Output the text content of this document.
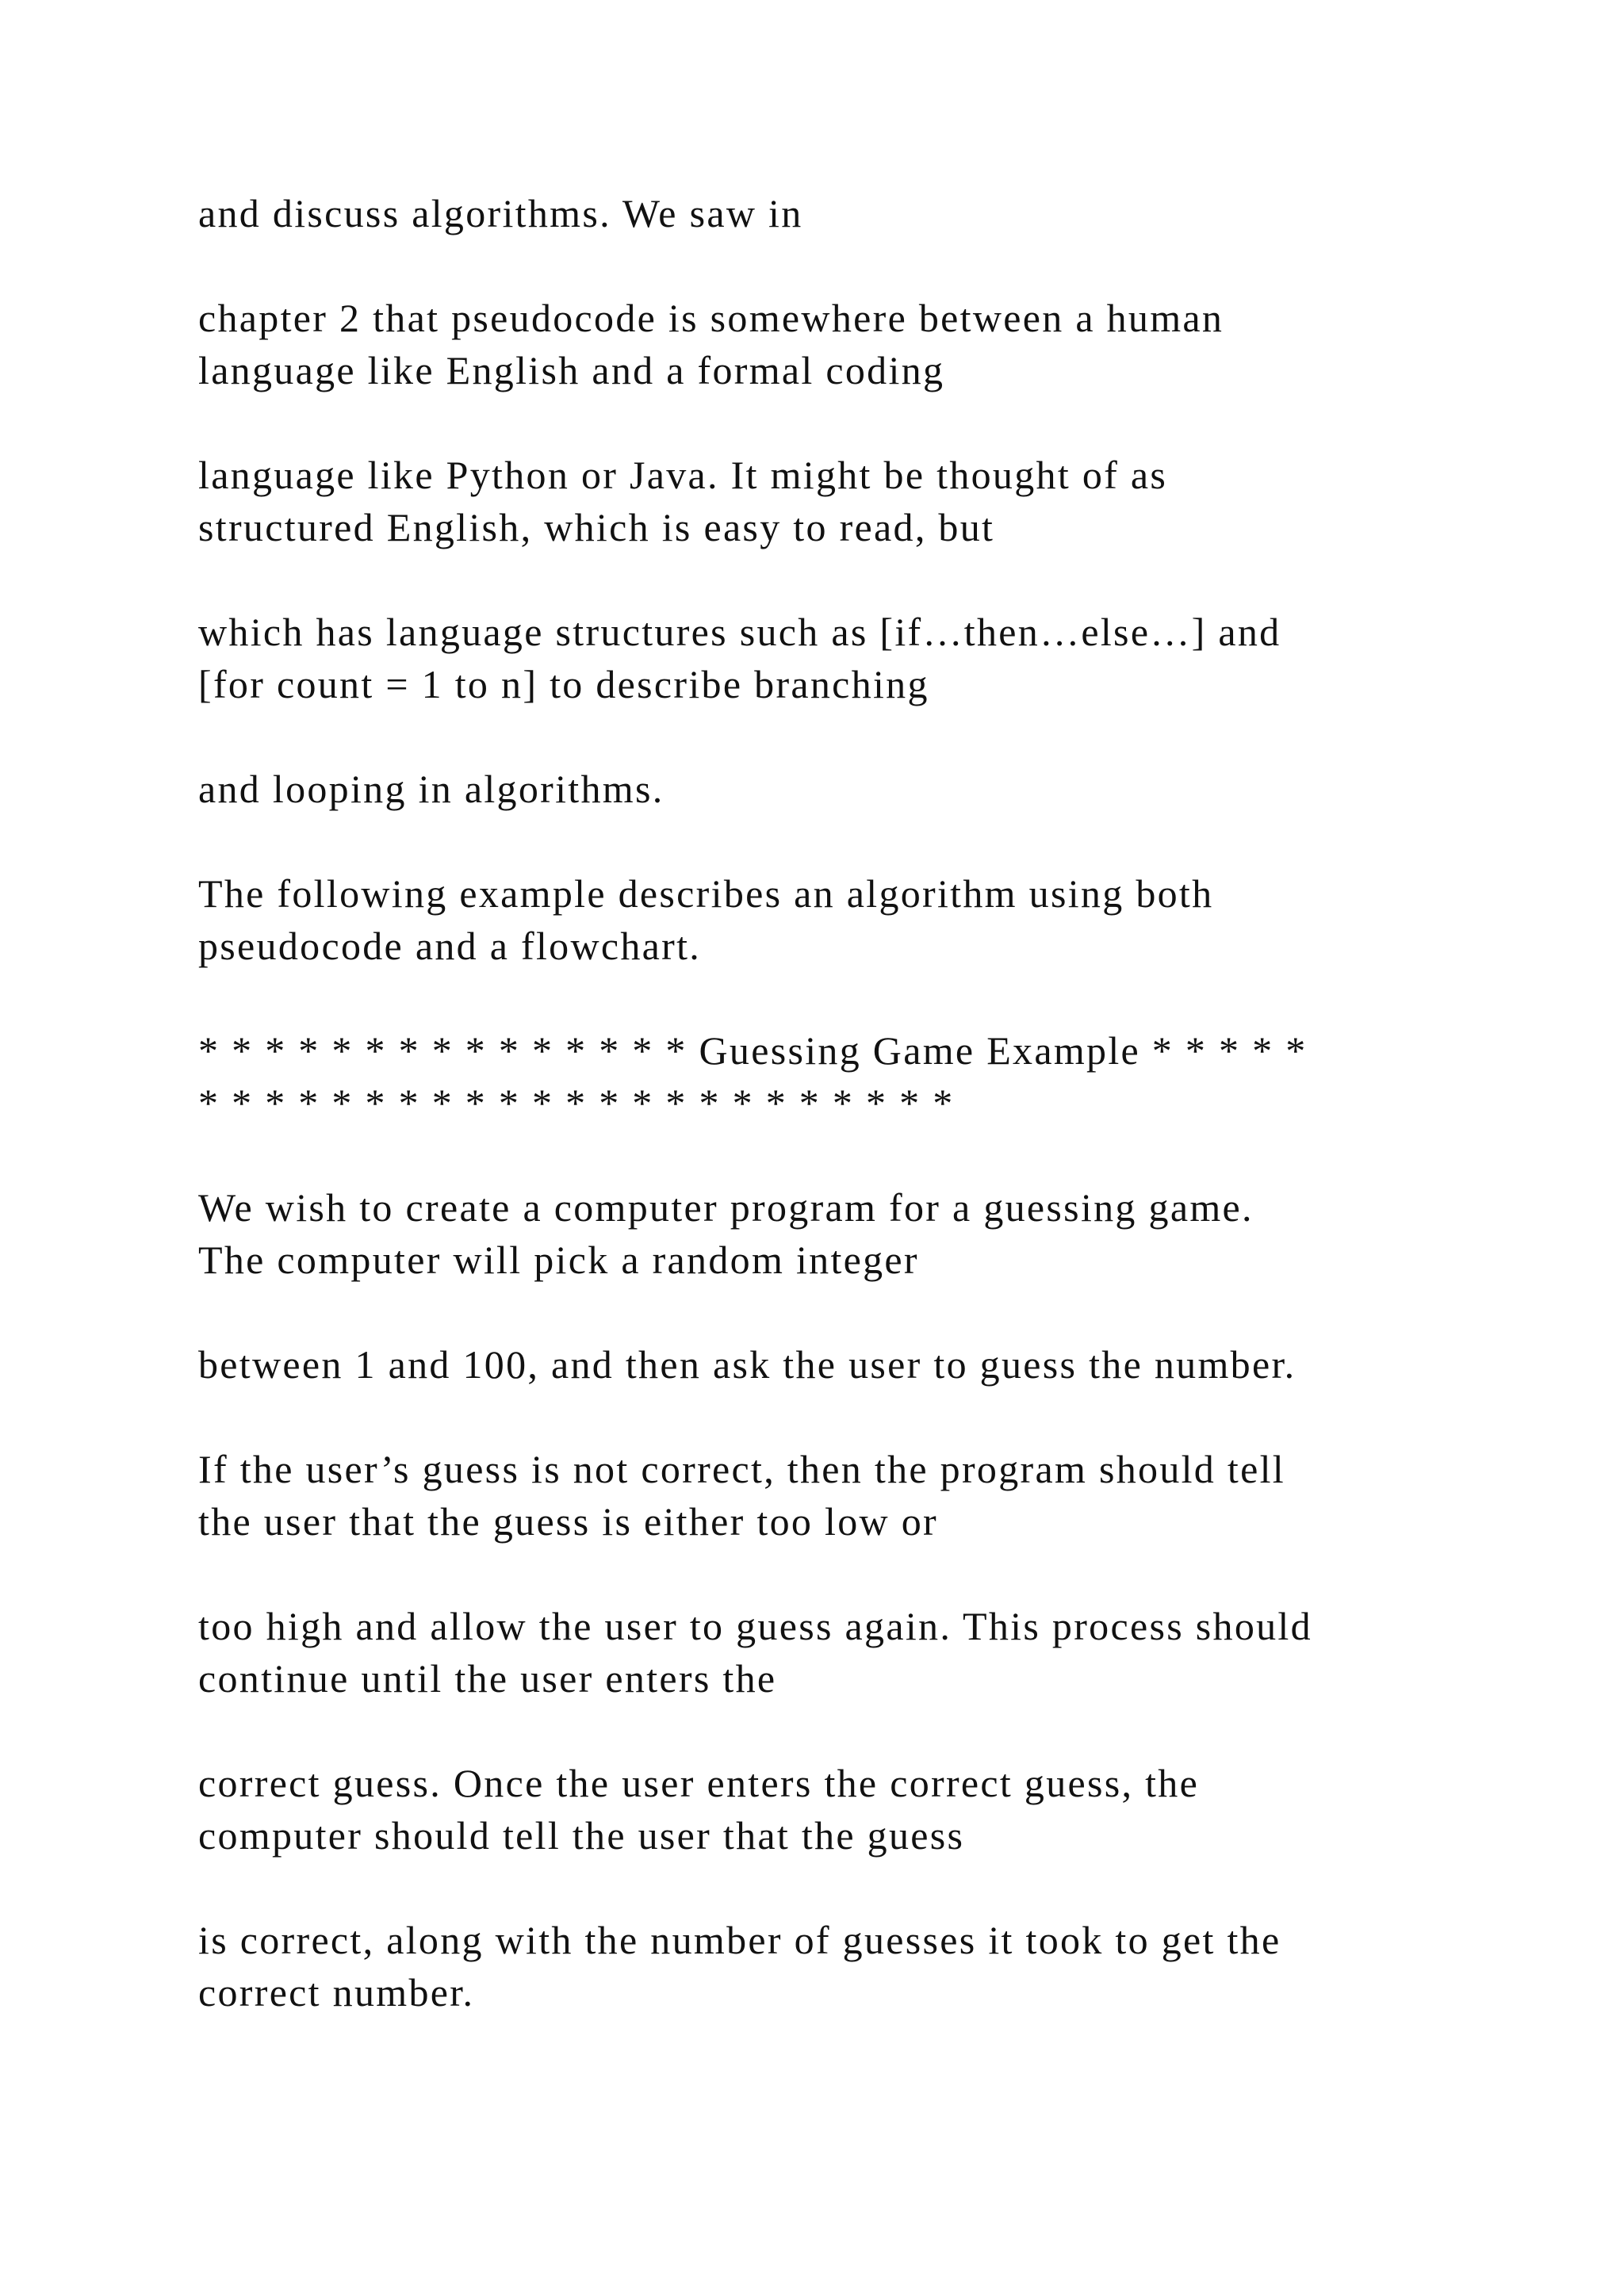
and discuss algorithms. We saw in

chapter 2 that pseudocode is somewhere between a human
language like English and a formal coding

language like Python or Java. It might be thought of as
structured English, which is easy to read, but

which has language structures such as [if…then…else…] and
[for count = 1 to n] to describe branching

and looping in algorithms.

The following example describes an algorithm using both
pseudocode and a flowchart.

* * * * * * * * * * * * * * * Guessing Game Example * * * * *
* * * * * * * * * * * * * * * * * * * * * * *

We wish to create a computer program for a guessing game.
The computer will pick a random integer

between 1 and 100, and then ask the user to guess the number.

If the user’s guess is not correct, then the program should tell
the user that the guess is either too low or

too high and allow the user to guess again. This process should
continue until the user enters the

correct guess. Once the user enters the correct guess, the
computer should tell the user that the guess

is correct, along with the number of guesses it took to get the
correct number.
